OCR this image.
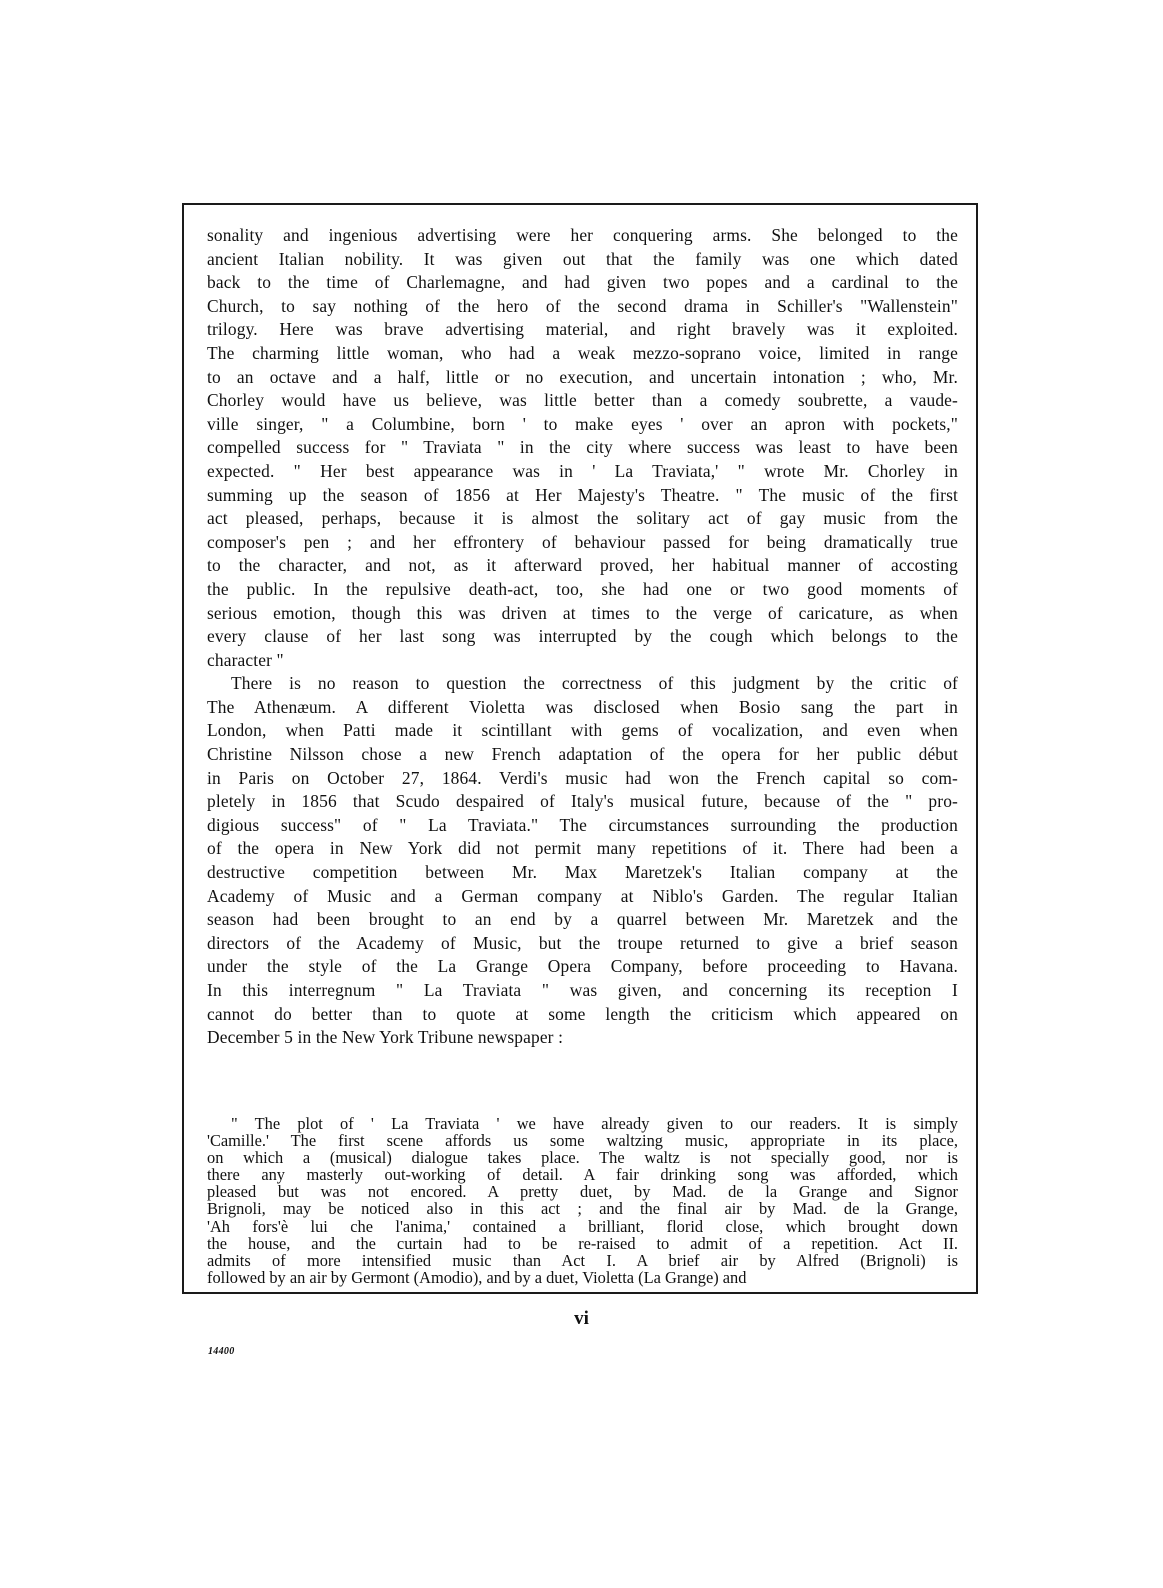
sonality and ingenious advertising were her conquering arms. She belonged to the
ancient Italian nobility. It was given out that the family was one which dated
back to the time of Charlemagne, and had given two popes and a cardinal to the
Church, to say nothing of the hero of the second drama in Schiller's "Wallenstein"
trilogy. Here was brave advertising material, and right bravely was it exploited.
The charming little woman, who had a weak mezzo-soprano voice, limited in range
to an octave and a half, little or no execution, and uncertain intonation ; who, Mr.
Chorley would have us believe, was little better than a comedy soubrette, a vaude-
ville singer, " a Columbine, born ' to make eyes ' over an apron with pockets,"
compelled success for " Traviata " in the city where success was least to have been
expected. " Her best appearance was in ' La Traviata,' " wrote Mr. Chorley in
summing up the season of 1856 at Her Majesty's Theatre. " The music of the first
act pleased, perhaps, because it is almost the solitary act of gay music from the
composer's pen ; and her effrontery of behaviour passed for being dramatically true
to the character, and not, as it afterward proved, her habitual manner of accosting
the public. In the repulsive death-act, too, she had one or two good moments of
serious emotion, though this was driven at times to the verge of caricature, as when
every clause of her last song was interrupted by the cough which belongs to the
character "

There is no reason to question the correctness of this judgment by the critic of
The Athenæum. A different Violetta was disclosed when Bosio sang the part in
London, when Patti made it scintillant with gems of vocalization, and even when
Christine Nilsson chose a new French adaptation of the opera for her public début
in Paris on October 27, 1864. Verdi's music had won the French capital so com-
pletely in 1856 that Scudo despaired of Italy's musical future, because of the " pro-
digious success" of " La Traviata." The circumstances surrounding the production
of the opera in New York did not permit many repetitions of it. There had been a
destructive competition between Mr. Max Maretzek's Italian company at the
Academy of Music and a German company at Niblo's Garden. The regular Italian
season had been brought to an end by a quarrel between Mr. Maretzek and the
directors of the Academy of Music, but the troupe returned to give a brief season
under the style of the La Grange Opera Company, before proceeding to Havana.
In this interregnum " La Traviata " was given, and concerning its reception I
cannot do better than to quote at some length the criticism which appeared on
December 5 in the New York Tribune newspaper :

" The plot of ' La Traviata ' we have already given to our readers. It is simply
'Camille.' The first scene affords us some waltzing music, appropriate in its place,
on which a (musical) dialogue takes place. The waltz is not specially good, nor is
there any masterly out-working of detail. A fair drinking song was afforded, which
pleased but was not encored. A pretty duet, by Mad. de la Grange and Signor
Brignoli, may be noticed also in this act ; and the final air by Mad. de la Grange,
'Ah fors'è lui che l'anima,' contained a brilliant, florid close, which brought down
the house, and the curtain had to be re-raised to admit of a repetition. Act II.
admits of more intensified music than Act I. A brief air by Alfred (Brignoli) is
followed by an air by Germont (Amodio), and by a duet, Violetta (La Grange) and
vi
14400
